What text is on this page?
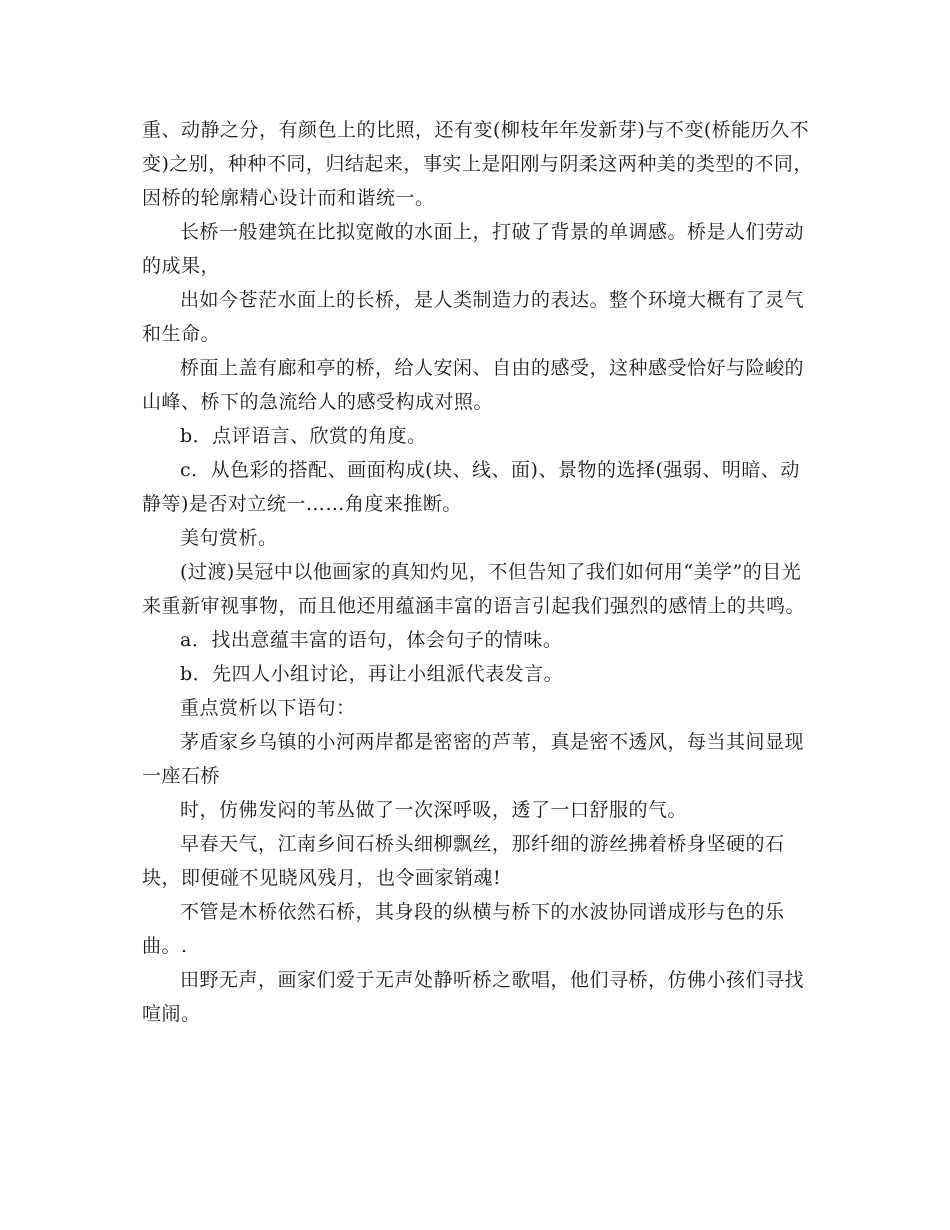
重、动静之分，有颜色上的比照，还有变(柳枝年年发新芽)与不变(桥能历久不变)之别，种种不同，归结起来，事实上是阳刚与阴柔这两种美的类型的不同，因桥的轮廓精心设计而和谐统一。

长桥一般建筑在比拟宽敞的水面上，打破了背景的单调感。桥是人们劳动的成果，

出如今苍茫水面上的长桥，是人类制造力的表达。整个环境大概有了灵气和生命。

桥面上盖有廊和亭的桥，给人安闲、自由的感受，这种感受恰好与险峻的山峰、桥下的急流给人的感受构成对照。

b．点评语言、欣赏的角度。

c．从色彩的搭配、画面构成(块、线、面)、景物的选择(强弱、明暗、动静等)是否对立统一……角度来推断。

美句赏析。

(过渡)吴冠中以他画家的真知灼见，不但告知了我们如何用“美学”的目光来重新审视事物，而且他还用蕴涵丰富的语言引起我们强烈的感情上的共鸣。

a．找出意蕴丰富的语句，体会句子的情味。

b．先四人小组讨论，再让小组派代表发言。

重点赏析以下语句：

茅盾家乡乌镇的小河两岸都是密密的芦苇，真是密不透风，每当其间显现一座石桥

时，仿佛发闷的苇丛做了一次深呼吸，透了一口舒服的气。

早春天气，江南乡间石桥头细柳飘丝，那纤细的游丝拂着桥身坚硬的石块，即便碰不见晓风残月，也令画家销魂!

不管是木桥依然石桥，其身段的纵横与桥下的水波协同谱成形与色的乐曲。.

田野无声，画家们爱于无声处静听桥之歌唱，他们寻桥，仿佛小孩们寻找喧闹。
